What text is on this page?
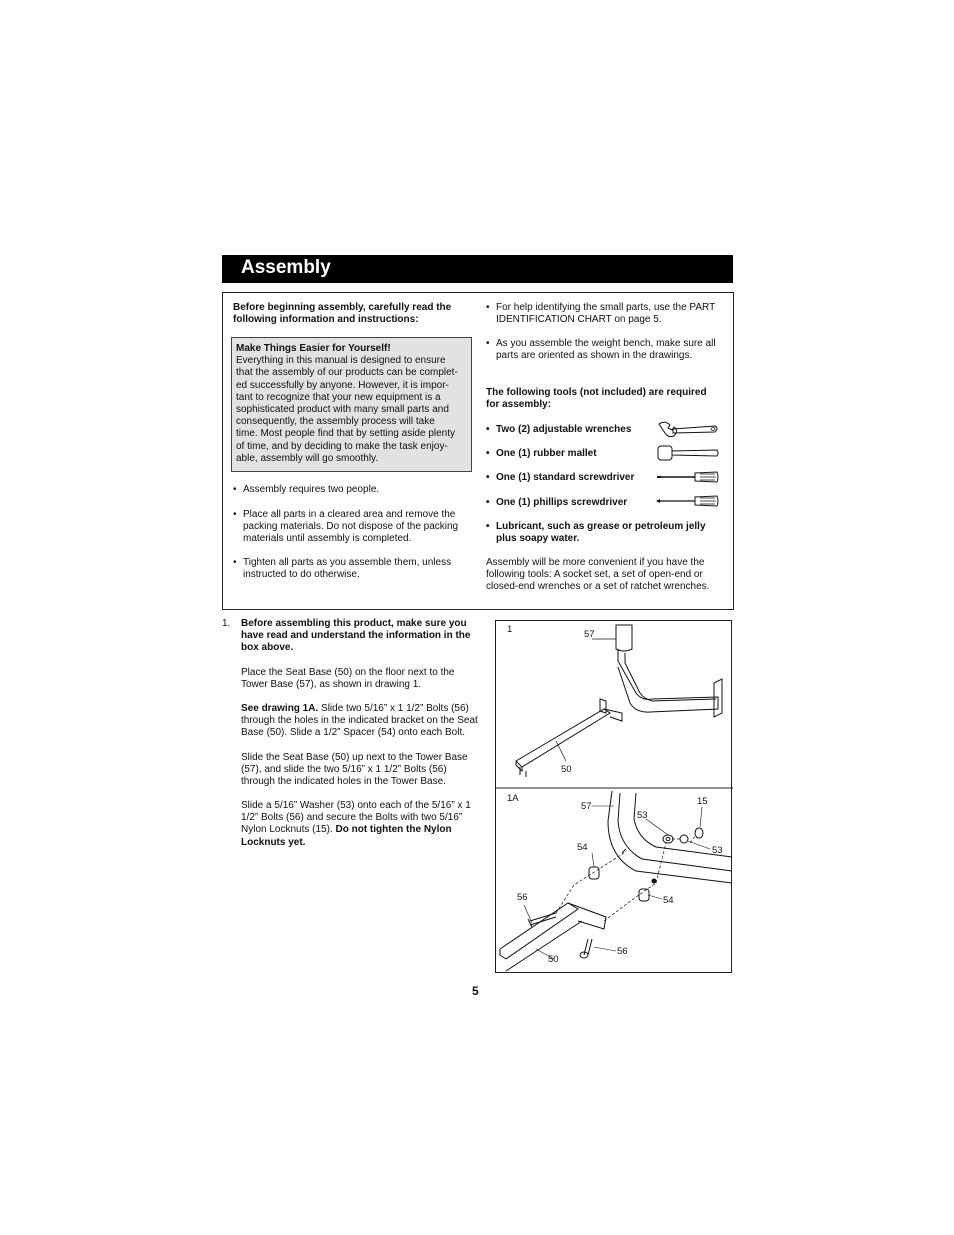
Assembly
Before beginning assembly, carefully read the
following information and instructions:
Make Things Easier for Yourself!
Everything in this manual is designed to ensure
that the assembly of our products can be complet-
ed successfully by anyone. However, it is impor-
tant to recognize that your new equipment is a
sophisticated product with many small parts and
consequently, the assembly process will take
time. Most people find that by setting aside plenty
of time, and by deciding to make the task enjoy-
able, assembly will go smoothly.
• Assembly requires two people.
• Place all parts in a cleared area and remove the
packing materials. Do not dispose of the packing
materials until assembly is completed.
• Tighten all parts as you assemble them, unless
instructed to do otherwise.
• For help identifying the small parts, use the PART
IDENTIFICATION CHART on page 5.
• As you assemble the weight bench, make sure all
parts are oriented as shown in the drawings.
The following tools (not included) are required
for assembly:
• Two (2) adjustable wrenches
• One (1) rubber mallet
• One (1) standard screwdriver
• One (1) phillips screwdriver
• Lubricant, such as grease or petroleum jelly
plus soapy water.
Assembly will be more convenient if you have the
following tools: A socket set, a set of open-end or
closed-end wrenches or a set of ratchet wrenches.
1. Before assembling this product, make sure you
have read and understand the information in the
box above.
Place the Seat Base (50) on the floor next to the
Tower Base (57), as shown in drawing 1.
See drawing 1A. Slide two 5/16” x 1 1/2” Bolts (56)
through the holes in the indicated bracket on the Seat
Base (50). Slide a 1/2” Spacer (54) onto each Bolt.
Slide the Seat Base (50) up next to the Tower Base
(57), and slide the two 5/16” x 1 1/2” Bolts (56)
through the indicated holes in the Tower Base.
Slide a 5/16” Washer (53) onto each of the 5/16” x 1
1/2” Bolts (56) and secure the Bolts with two 5/16”
Nylon Locknuts (15). Do not tighten the Nylon
Locknuts yet.
1	57
50
1A
57
53
15
53
54
54
56
56
50
5
